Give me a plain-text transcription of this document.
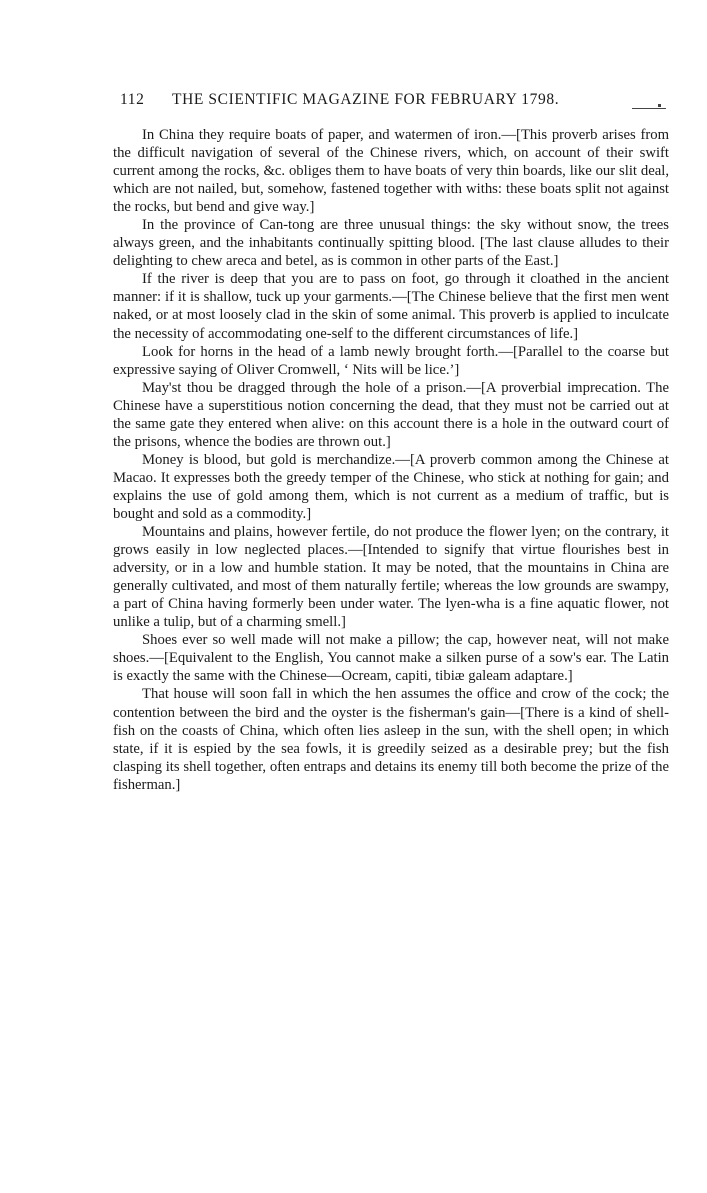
112 THE SCIENTIFIC MAGAZINE FOR FEBRUARY 1798.

In China they require boats of paper, and watermen of iron.—[This proverb arises from the difficult navigation of several of the Chinese rivers, which, on account of their swift current among the rocks, &c. obliges them to have boats of very thin boards, like our slit deal, which are not nailed, but, somehow, fastened together with withs: these boats split not against the rocks, but bend and give way.]

In the province of Can-tong are three unusual things: the sky without snow, the trees always green, and the inhabitants continually spitting blood. [The last clause alludes to their delighting to chew areca and betel, as is common in other parts of the East.]

If the river is deep that you are to pass on foot, go through it cloathed in the ancient manner: if it is shallow, tuck up your garments.—[The Chinese believe that the first men went naked, or at most loosely clad in the skin of some animal. This proverb is applied to inculcate the necessity of accommodating one-self to the different circumstances of life.]

Look for horns in the head of a lamb newly brought forth.—[Parallel to the coarse but expressive saying of Oliver Cromwell, ‘ Nits will be lice.’]

May'st thou be dragged through the hole of a prison.—[A proverbial imprecation. The Chinese have a superstitious notion concerning the dead, that they must not be carried out at the same gate they entered when alive: on this account there is a hole in the outward court of the prisons, whence the bodies are thrown out.]

Money is blood, but gold is merchandize.—[A proverb common among the Chinese at Macao. It expresses both the greedy temper of the Chinese, who stick at nothing for gain; and explains the use of gold among them, which is not current as a medium of traffic, but is bought and sold as a commodity.]

Mountains and plains, however fertile, do not produce the flower lyen; on the contrary, it grows easily in low neglected places.—[Intended to signify that virtue flourishes best in adversity, or in a low and humble station. It may be noted, that the mountains in China are generally cultivated, and most of them naturally fertile; whereas the low grounds are swampy, a part of China having formerly been under water. The lyen-wha is a fine aquatic flower, not unlike a tulip, but of a charming smell.]

Shoes ever so well made will not make a pillow; the cap, however neat, will not make shoes.—[Equivalent to the English, You cannot make a silken purse of a sow's ear. The Latin is exactly the same with the Chinese—Ocream, capiti, tibiæ galeam adaptare.]

That house will soon fall in which the hen assumes the office and crow of the cock; the contention between the bird and the oyster is the fisherman's gain—[There is a kind of shell-fish on the coasts of China, which often lies asleep in the sun, with the shell open; in which state, if it is espied by the sea fowls, it is greedily seized as a desirable prey; but the fish clasping its shell together, often entraps and detains its enemy till both become the prize of the fisherman.]
